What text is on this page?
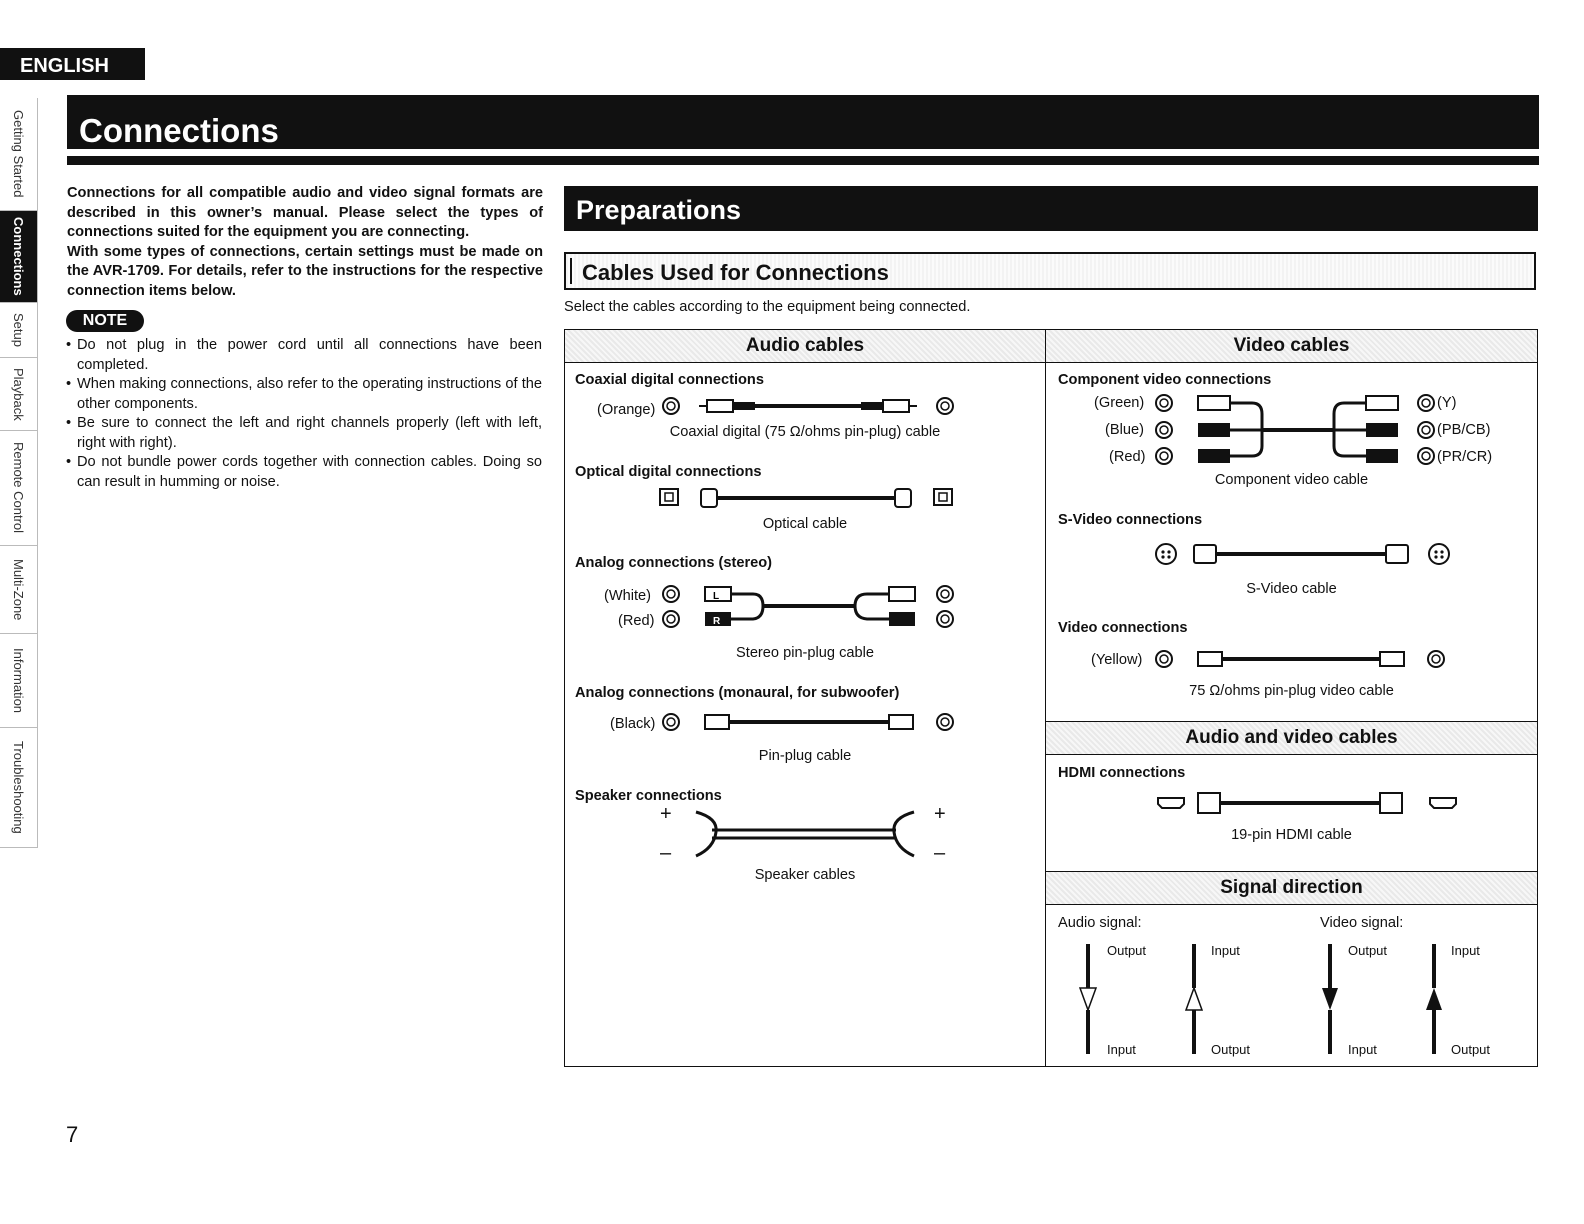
ENGLISH
Getting Started
Connections
Setup
Playback
Remote Control
Multi-Zone
Information
Troubleshooting
Connections

Connections for all compatible audio and video signal formats are described in this owner’s manual. Please select the types of connections suited for the equipment you are connecting.

With some types of connections, certain settings must be made on the AVR-1709. For details, refer to the instructions for the respective connection items below.

NOTE
• Do not plug in the power cord until all connections have been completed.
• When making connections, also refer to the operating instructions of the other components.
• Be sure to connect the left and right channels properly (left with left, right with right).
• Do not bundle power cords together with connection cables. Doing so can result in humming or noise.
Preparations
Cables Used for Connections
Select the cables according to the equipment being connected.
Audio cables
Coaxial digital connections
(Orange)
Coaxial digital (75 Ω/ohms pin-plug) cable
Optical digital connections
Optical cable
Analog connections (stereo)
(White)
(Red)
L
R
Stereo pin-plug cable
Analog connections (monaural, for subwoofer)
(Black)
Pin-plug cable
Speaker connections
+
–
+
–
Speaker cables
Video cables
Component video connections
(Green)
(Blue)
(Red)
(Y)
(PB/CB)
(PR/CR)
Component video cable
S-Video connections
S-Video cable
Video connections
(Yellow)
75 Ω/ohms pin-plug video cable
Audio and video cables
HDMI connections
19-pin HDMI cable
Signal direction
Audio signal:	Video signal:
Output
Input
Input
Output
Output
Input
Input
Output
7
